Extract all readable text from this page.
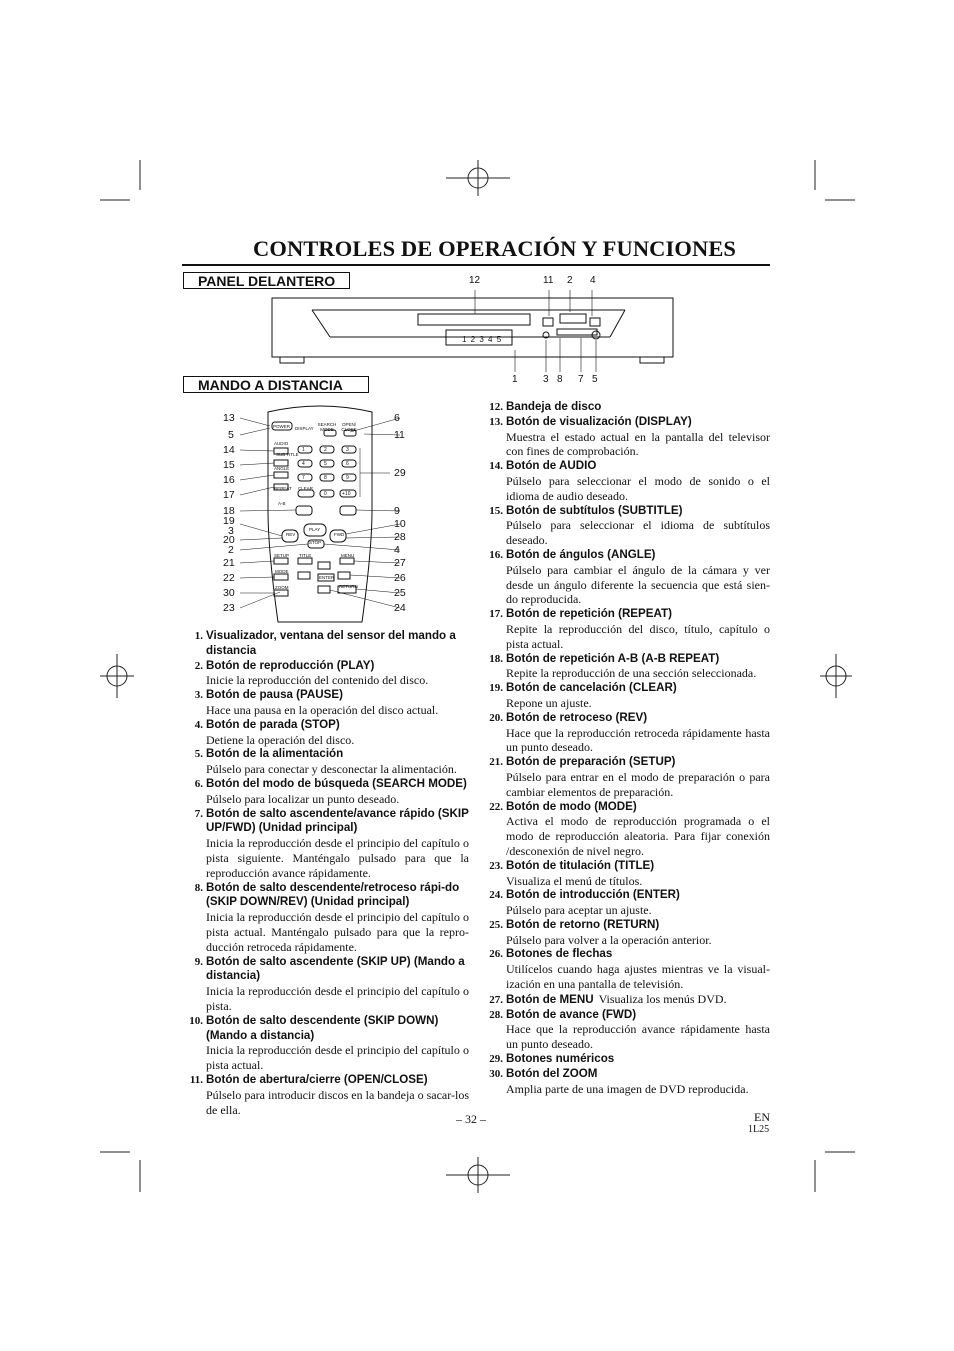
CONTROLES DE OPERACIÓN Y FUNCIONES
PANEL DELANTERO
MANDO A DISTANCIA
1 2 3 4 5
12	11 2 4
1	3 8 7 5
13
5
14
15
16
17
18
19
3
20
2
21
22
30
23
6
11
29
9
10
28
4
27
26
25
24
POWER DISPLAY
SEARCH MODE
OPEN/ CLOSE
AUDIO
SUB TITLE
ANGLE
REPEAT
A-B
CLEAR
PLAY
REV	FWD
STOP
SETUP TITLE	MENU
MODE
ZOOM
ENTER
RETURN
0	+10
1	2	3
4	5	6
7	8	9
1. Visualizador, ventana del sensor del mando a distancia
2. Botón de reproducción (PLAY)
Inicie la reproducción del contenido del disco.
3. Botón de pausa (PAUSE)
Hace una pausa en la operación del disco actual.
4. Botón de parada (STOP)
Detiene la operación del disco.
5. Botón de la alimentación
Púlselo para conectar y desconectar la alimentación.
6. Botón del modo de búsqueda (SEARCH MODE)
Púlselo para localizar un punto deseado.
7. Botón de salto ascendente/avance rápido (SKIP UP/FWD) (Unidad principal)
Inicia la reproducción desde el principio del capítulo o pista siguiente. Manténgalo pulsado para que la reproducción avance rápidamente.
8. Botón de salto descendente/retroceso rápi-do (SKIP DOWN/REV) (Unidad principal)
Inicia la reproducción desde el principio del capítulo o pista actual. Manténgalo pulsado para que la repro-ducción retroceda rápidamente.
9. Botón de salto ascendente (SKIP UP) (Mando a distancia)
Inicia la reproducción desde el principio del capítulo o pista.
10. Botón de salto descendente (SKIP DOWN) (Mando a distancia)
Inicia la reproducción desde el principio del capítulo o pista actual.
11. Botón de abertura/cierre (OPEN/CLOSE)
Púlselo para introducir discos en la bandeja o sacar-los de ella.
12. Bandeja de disco
13. Botón de visualización (DISPLAY)
Muestra el estado actual en la pantalla del televisor con fines de comprobación.
14. Botón de AUDIO
Púlselo para seleccionar el modo de sonido o el idioma de audio deseado.
15. Botón de subtítulos (SUBTITLE)
Púlselo para seleccionar el idioma de subtítulos deseado.
16. Botón de ángulos (ANGLE)
Púlselo para cambiar el ángulo de la cámara y ver desde un ángulo diferente la secuencia que está sien-do reproducida.
17. Botón de repetición (REPEAT)
Repite la reproducción del disco, título, capítulo o pista actual.
18. Botón de repetición A-B (A-B REPEAT)
Repite la reproducción de una sección seleccionada.
19. Botón de cancelación (CLEAR)
Repone un ajuste.
20. Botón de retroceso (REV)
Hace que la reproducción retroceda rápidamente hasta un punto deseado.
21. Botón de preparación (SETUP)
Púlselo para entrar en el modo de preparación o para cambiar elementos de preparación.
22. Botón de modo (MODE)
Activa el modo de reproducción programada o el modo de reproducción aleatoria. Para fijar conexión /desconexión de nivel negro.
23. Botón de titulación (TITLE)
Visualiza el menú de títulos.
24. Botón de introducción (ENTER)
Púlselo para aceptar un ajuste.
25. Botón de retorno (RETURN)
Púlselo para volver a la operación anterior.
26. Botones de flechas
Utilícelos cuando haga ajustes mientras ve la visual-ización en una pantalla de televisión.
27. Botón de MENU Visualiza los menús DVD.
28. Botón de avance (FWD)
Hace que la reproducción avance rápidamente hasta un punto deseado.
29. Botones numéricos
30. Botón del ZOOM
Amplia parte de una imagen de DVD reproducida.
– 32 –	EN
1L25
